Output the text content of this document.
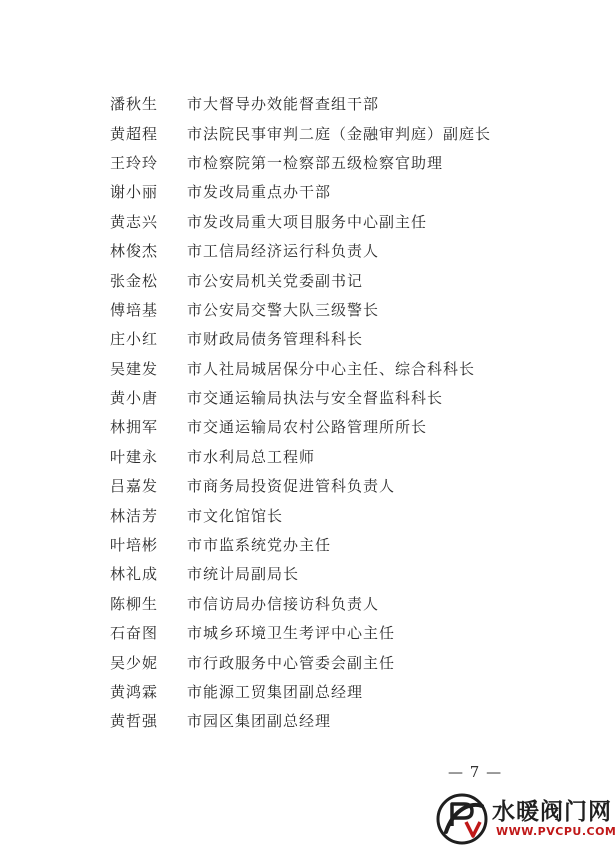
潘秋生	市大督导办效能督查组干部
黄超程	市法院民事审判二庭（金融审判庭）副庭长
王玲玲	市检察院第一检察部五级检察官助理
谢小丽	市发改局重点办干部
黄志兴	市发改局重大项目服务中心副主任
林俊杰	市工信局经济运行科负责人
张金松	市公安局机关党委副书记
傅培基	市公安局交警大队三级警长
庄小红	市财政局债务管理科科长
吴建发	市人社局城居保分中心主任、综合科科长
黄小唐	市交通运输局执法与安全督监科科长
林拥军	市交通运输局农村公路管理所所长
叶建永	市水利局总工程师
吕嘉发	市商务局投资促进管科负责人
林洁芳	市文化馆馆长
叶培彬	市市监系统党办主任
林礼成	市统计局副局长
陈柳生	市信访局办信接访科负责人
石奋图	市城乡环境卫生考评中心主任
吴少妮	市行政服务中心管委会副主任
黄鸿霖	市能源工贸集团副总经理
黄哲强	市园区集团副总经理
— 7 —
水暖阀门网
WWW.PVCPU.COM
